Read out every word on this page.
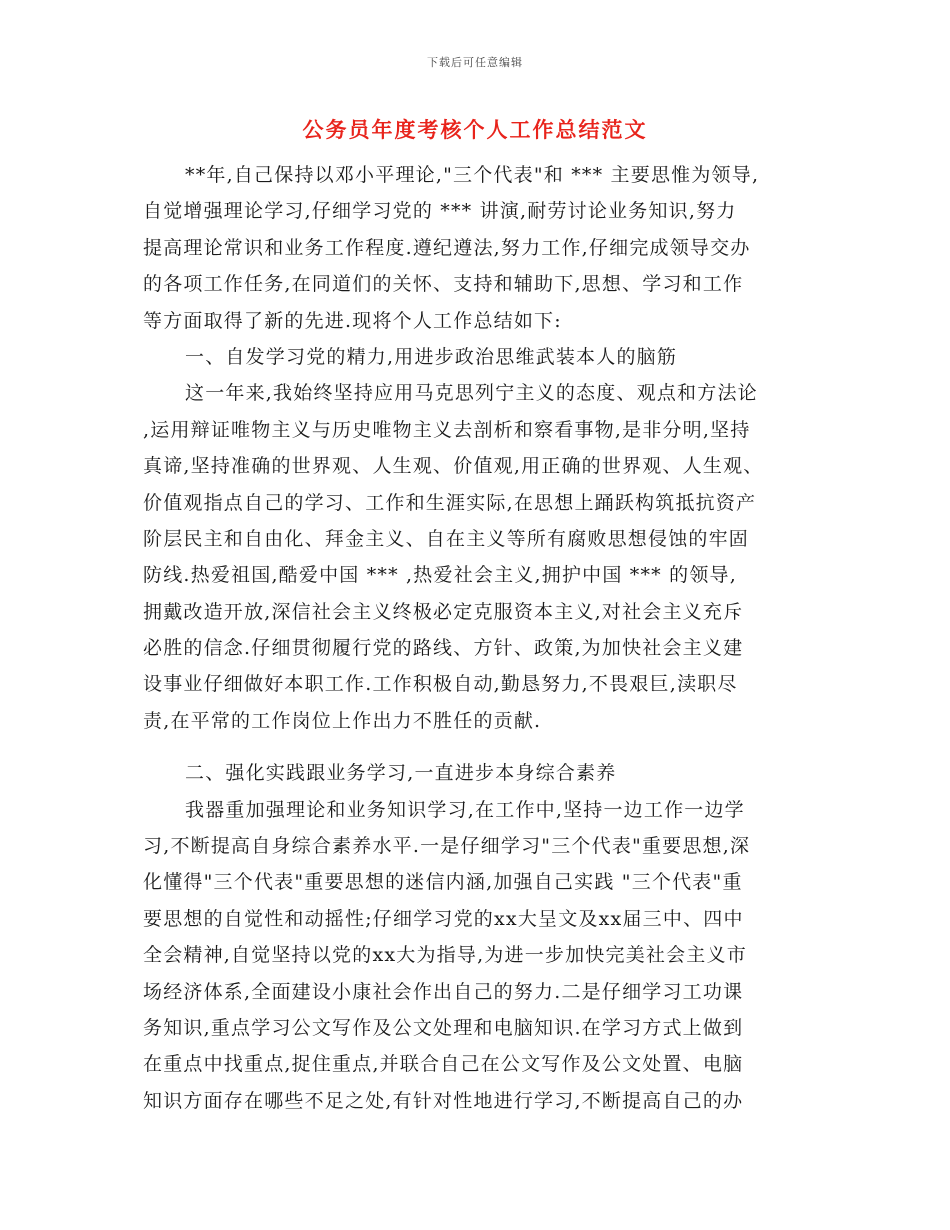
下载后可任意编辑
公务员年度考核个人工作总结范文
**年,自己保持以邓小平理论,"三个代表"和 *** 主要思惟为领导,
自觉增强理论学习,仔细学习党的 *** 讲演,耐劳讨论业务知识,努力
提高理论常识和业务工作程度.遵纪遵法,努力工作,仔细完成领导交办
的各项工作任务,在同道们的关怀、支持和辅助下,思想、学习和工作
等方面取得了新的先进.现将个人工作总结如下:
一、自发学习党的精力,用进步政治思维武装本人的脑筋
这一年来,我始终坚持应用马克思列宁主义的态度、观点和方法论
,运用辩证唯物主义与历史唯物主义去剖析和察看事物,是非分明,坚持
真谛,坚持准确的世界观、人生观、价值观,用正确的世界观、人生观、
价值观指点自己的学习、工作和生涯实际,在思想上踊跃构筑抵抗资产
阶层民主和自由化、拜金主义、自在主义等所有腐败思想侵蚀的牢固
防线.热爱祖国,酷爱中国 *** ,热爱社会主义,拥护中国 *** 的领导,
拥戴改造开放,深信社会主义终极必定克服资本主义,对社会主义充斥
必胜的信念.仔细贯彻履行党的路线、方针、政策,为加快社会主义建
设事业仔细做好本职工作.工作积极自动,勤恳努力,不畏艰巨,渎职尽
责,在平常的工作岗位上作出力不胜任的贡献.
二、强化实践跟业务学习,一直进步本身综合素养
我器重加强理论和业务知识学习,在工作中,坚持一边工作一边学
习,不断提高自身综合素养水平.一是仔细学习"三个代表"重要思想,深
化懂得"三个代表"重要思想的迷信内涵,加强自己实践 "三个代表"重
要思想的自觉性和动摇性;仔细学习党的xx大呈文及xx届三中、四中
全会精神,自觉坚持以党的xx大为指导,为进一步加快完美社会主义市
场经济体系,全面建设小康社会作出自己的努力.二是仔细学习工功课
务知识,重点学习公文写作及公文处理和电脑知识.在学习方式上做到
在重点中找重点,捉住重点,并联合自己在公文写作及公文处置、电脑
知识方面存在哪些不足之处,有针对性地进行学习,不断提高自己的办
